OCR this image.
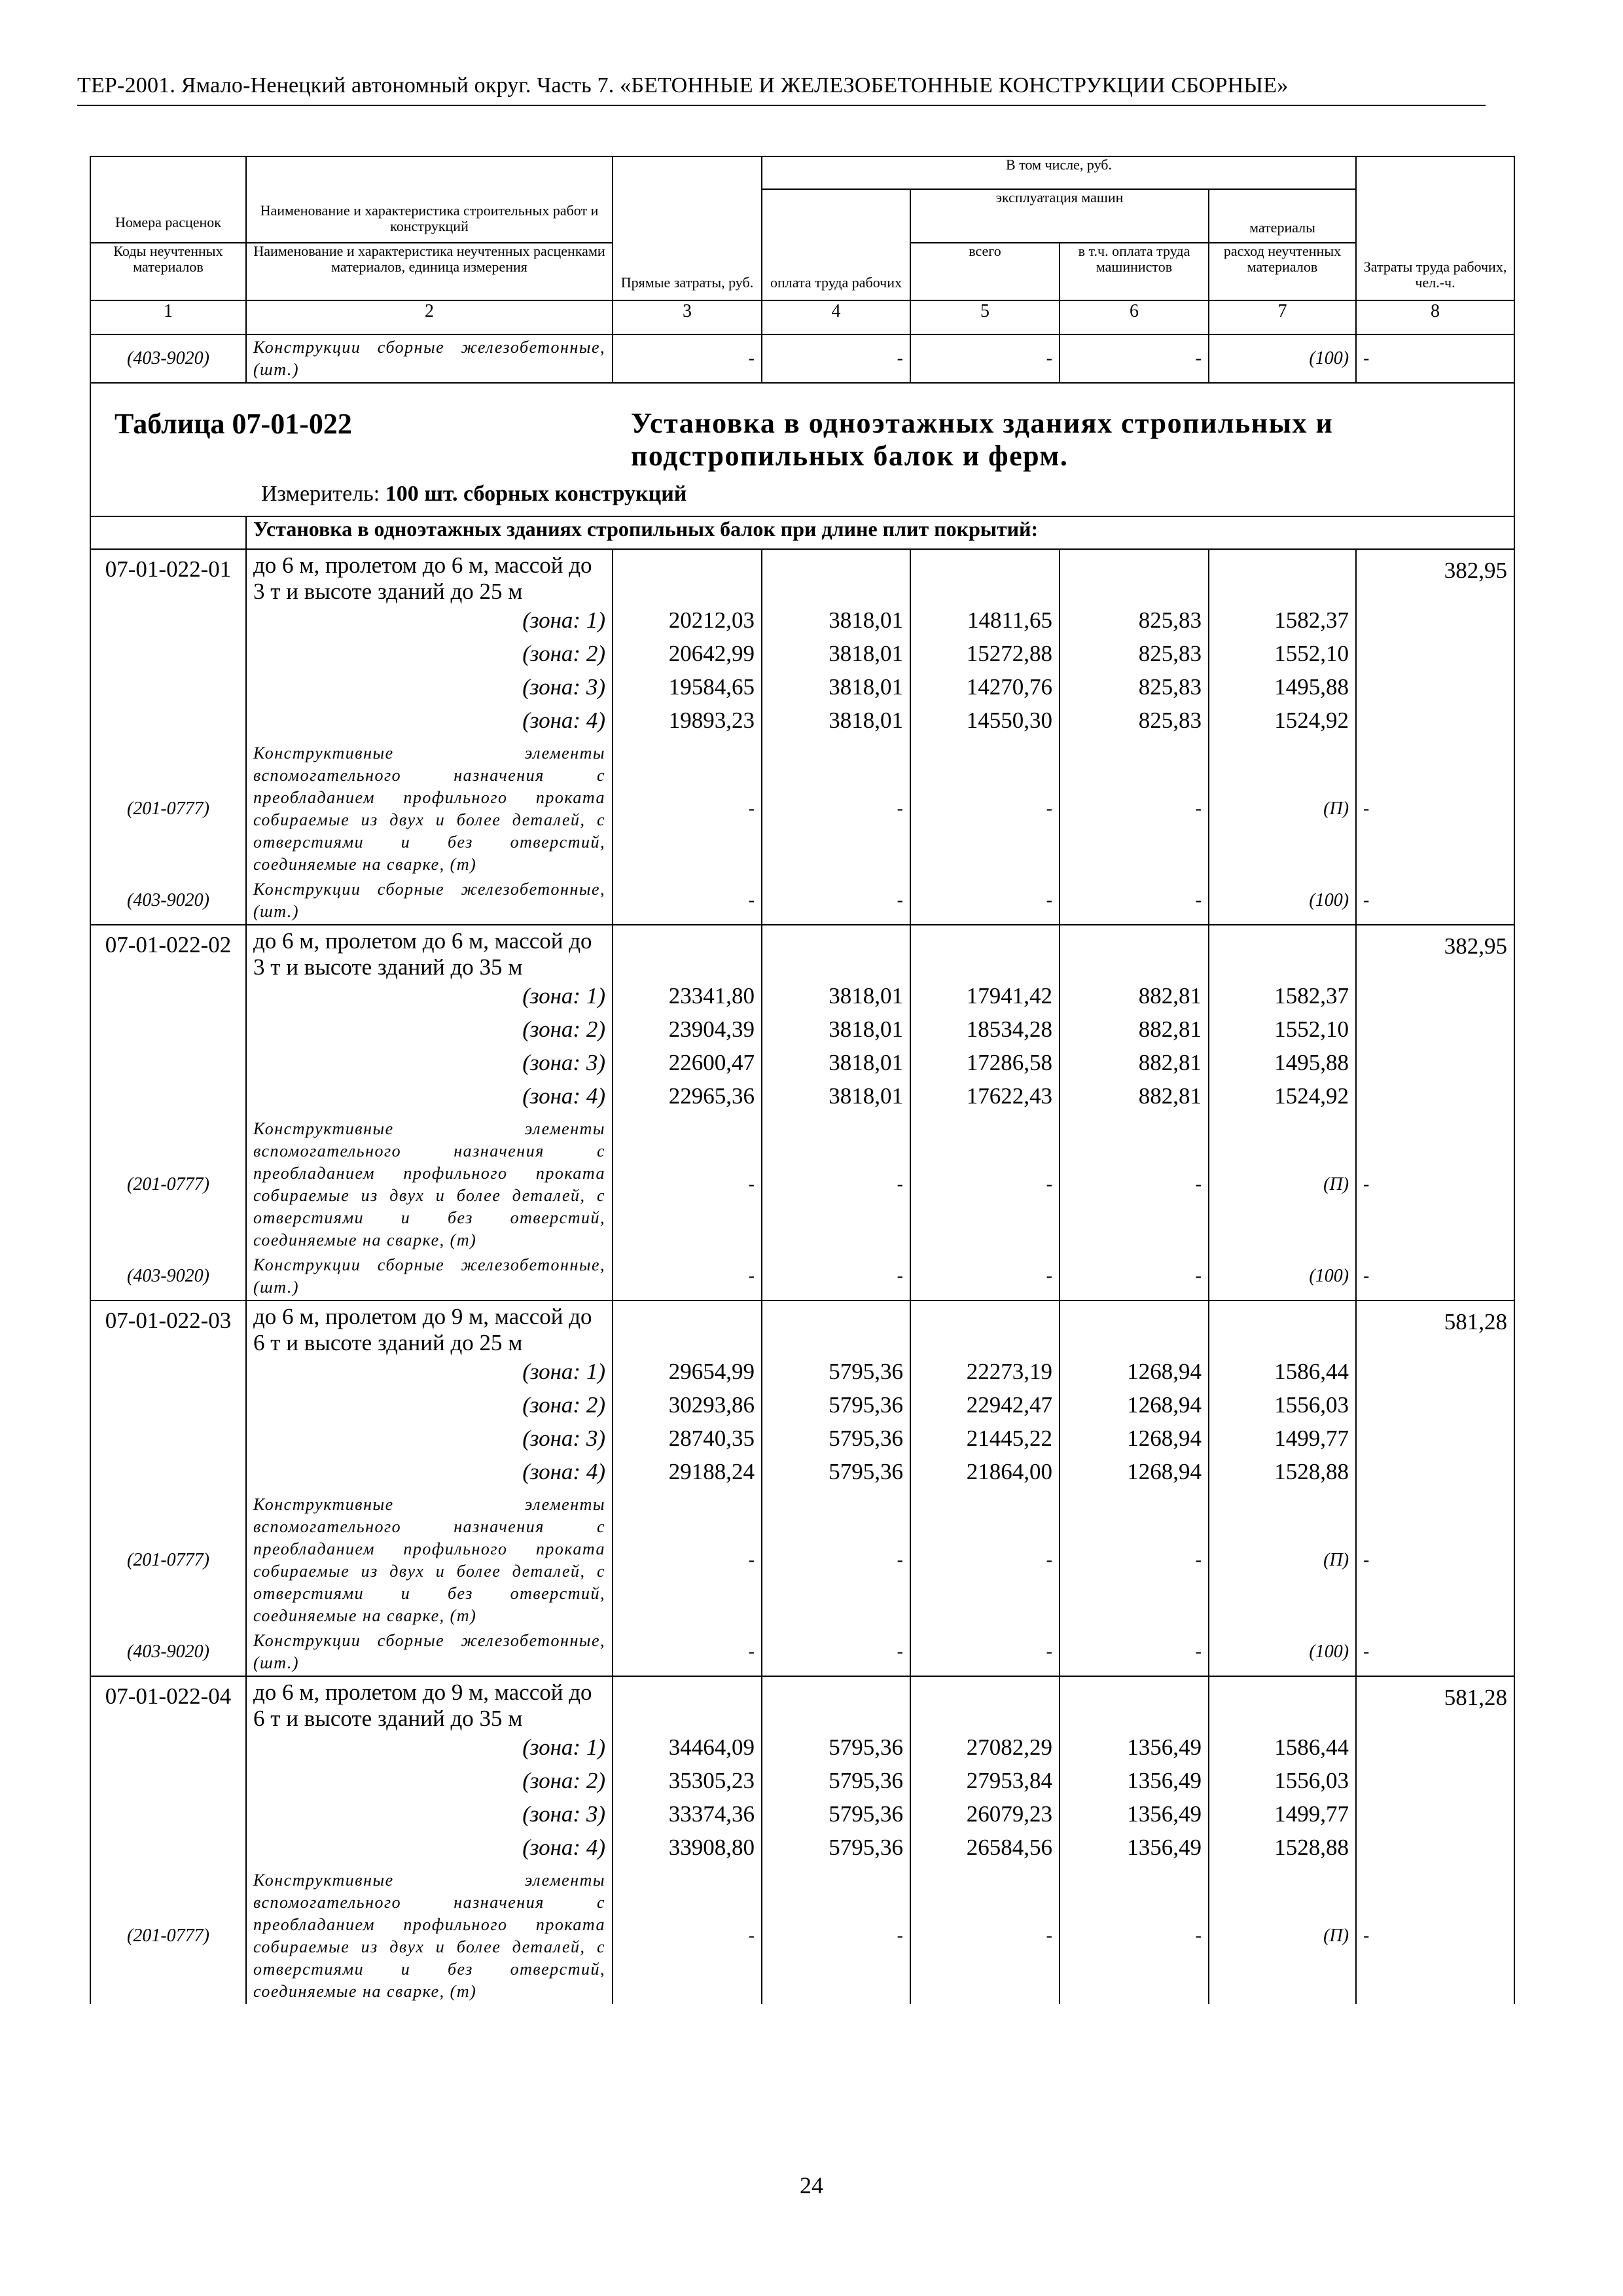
ТЕР-2001. Ямало-Ненецкий автономный округ. Часть 7. «БЕТОННЫЕ И ЖЕЛЕЗОБЕТОННЫЕ КОНСТРУКЦИИ СБОРНЫЕ»
Номера расценок	Наименование и характеристика строительных работ и конструкций	Прямые затраты, руб.	В том числе, руб.				Затраты труда рабочих, чел.-ч.
			оплата труда рабочих	эксплуатация машин		материалы	
				всего	в т.ч. оплата труда машинистов	расход неучтенных материалов	
Коды неучтенных материалов	Наименование и характеристика неучтенных расценками материалов, единица измерения						
1	2	3	4	5	6	7	8
(403-9020)	Конструкции сборные железобетонные, (шт.)	-	-	-	-	(100)	-

Таблица 07-01-022 Установка в одноэтажных зданиях стропильных и подстропильных балок и ферм.
Измеритель: 100 шт. сборных конструкций							

	Установка в одноэтажных зданиях стропильных балок при длине плит покрытий:						
07-01-022-01	до 6 м, пролетом до 6 м, массой до 3 т и высоте зданий до 25 м						382,95
	(зона: 1)	20212,03	3818,01	14811,65	825,83	1582,37	
	(зона: 2)	20642,99	3818,01	15272,88	825,83	1552,10	
	(зона: 3)	19584,65	3818,01	14270,76	825,83	1495,88	
	(зона: 4)	19893,23	3818,01	14550,30	825,83	1524,92	
(201-0777)	Конструктивные элементы вспомогательного назначения с преобладанием профильного проката собираемые из двух и более деталей, с отверстиями и без отверстий, соединяемые на сварке, (т)	-	-	-	-	(П)	-
(403-9020)	Конструкции сборные железобетонные, (шт.)	-	-	-	-	(100)	-
07-01-022-02	до 6 м, пролетом до 6 м, массой до 3 т и высоте зданий до 35 м						382,95
	(зона: 1)	23341,80	3818,01	17941,42	882,81	1582,37	
	(зона: 2)	23904,39	3818,01	18534,28	882,81	1552,10	
	(зона: 3)	22600,47	3818,01	17286,58	882,81	1495,88	
	(зона: 4)	22965,36	3818,01	17622,43	882,81	1524,92	
(201-0777)	Конструктивные элементы вспомогательного назначения с преобладанием профильного проката собираемые из двух и более деталей, с отверстиями и без отверстий, соединяемые на сварке, (т)	-	-	-	-	(П)	-
(403-9020)	Конструкции сборные железобетонные, (шт.)	-	-	-	-	(100)	-
07-01-022-03	до 6 м, пролетом до 9 м, массой до 6 т и высоте зданий до 25 м						581,28
	(зона: 1)	29654,99	5795,36	22273,19	1268,94	1586,44	
	(зона: 2)	30293,86	5795,36	22942,47	1268,94	1556,03	
	(зона: 3)	28740,35	5795,36	21445,22	1268,94	1499,77	
	(зона: 4)	29188,24	5795,36	21864,00	1268,94	1528,88	
(201-0777)	Конструктивные элементы вспомогательного назначения с преобладанием профильного проката собираемые из двух и более деталей, с отверстиями и без отверстий, соединяемые на сварке, (т)	-	-	-	-	(П)	-
(403-9020)	Конструкции сборные железобетонные, (шт.)	-	-	-	-	(100)	-
07-01-022-04	до 6 м, пролетом до 9 м, массой до 6 т и высоте зданий до 35 м						581,28
	(зона: 1)	34464,09	5795,36	27082,29	1356,49	1586,44	
	(зона: 2)	35305,23	5795,36	27953,84	1356,49	1556,03	
	(зона: 3)	33374,36	5795,36	26079,23	1356,49	1499,77	
	(зона: 4)	33908,80	5795,36	26584,56	1356,49	1528,88	
(201-0777)	Конструктивные элементы вспомогательного назначения с преобладанием профильного проката собираемые из двух и более деталей, с отверстиями и без отверстий, соединяемые на сварке, (т)	-	-	-	-	(П)	-
24
